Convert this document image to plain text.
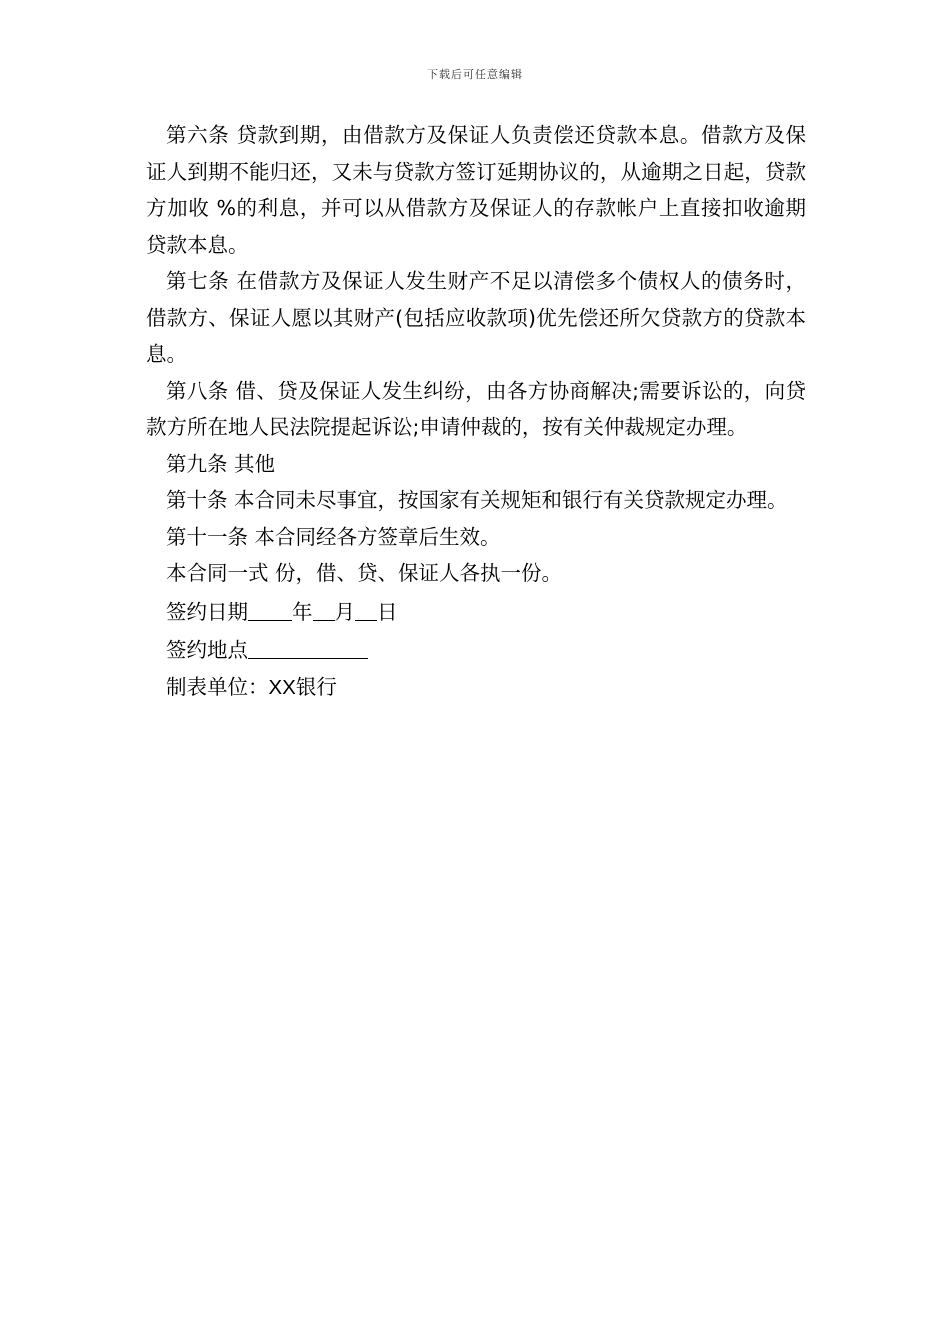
下载后可任意编辑

第六条 贷款到期，由借款方及保证人负责偿还贷款本息。借款方及保证人到期不能归还，又未与贷款方签订延期协议的，从逾期之日起，贷款方加收 %的利息，并可以从借款方及保证人的存款帐户上直接扣收逾期贷款本息。

第七条 在借款方及保证人发生财产不足以清偿多个债权人的债务时，借款方、保证人愿以其财产(包括应收款项)优先偿还所欠贷款方的贷款本息。

第八条 借、贷及保证人发生纠纷，由各方协商解决;需要诉讼的，向贷款方所在地人民法院提起诉讼;申请仲裁的，按有关仲裁规定办理。

第九条 其他

第十条 本合同未尽事宜，按国家有关规矩和银行有关贷款规定办理。

第十一条 本合同经各方签章后生效。

本合同一式 份，借、贷、保证人各执一份。

签约日期 年 月 日

签约地点

制表单位：XX银行
